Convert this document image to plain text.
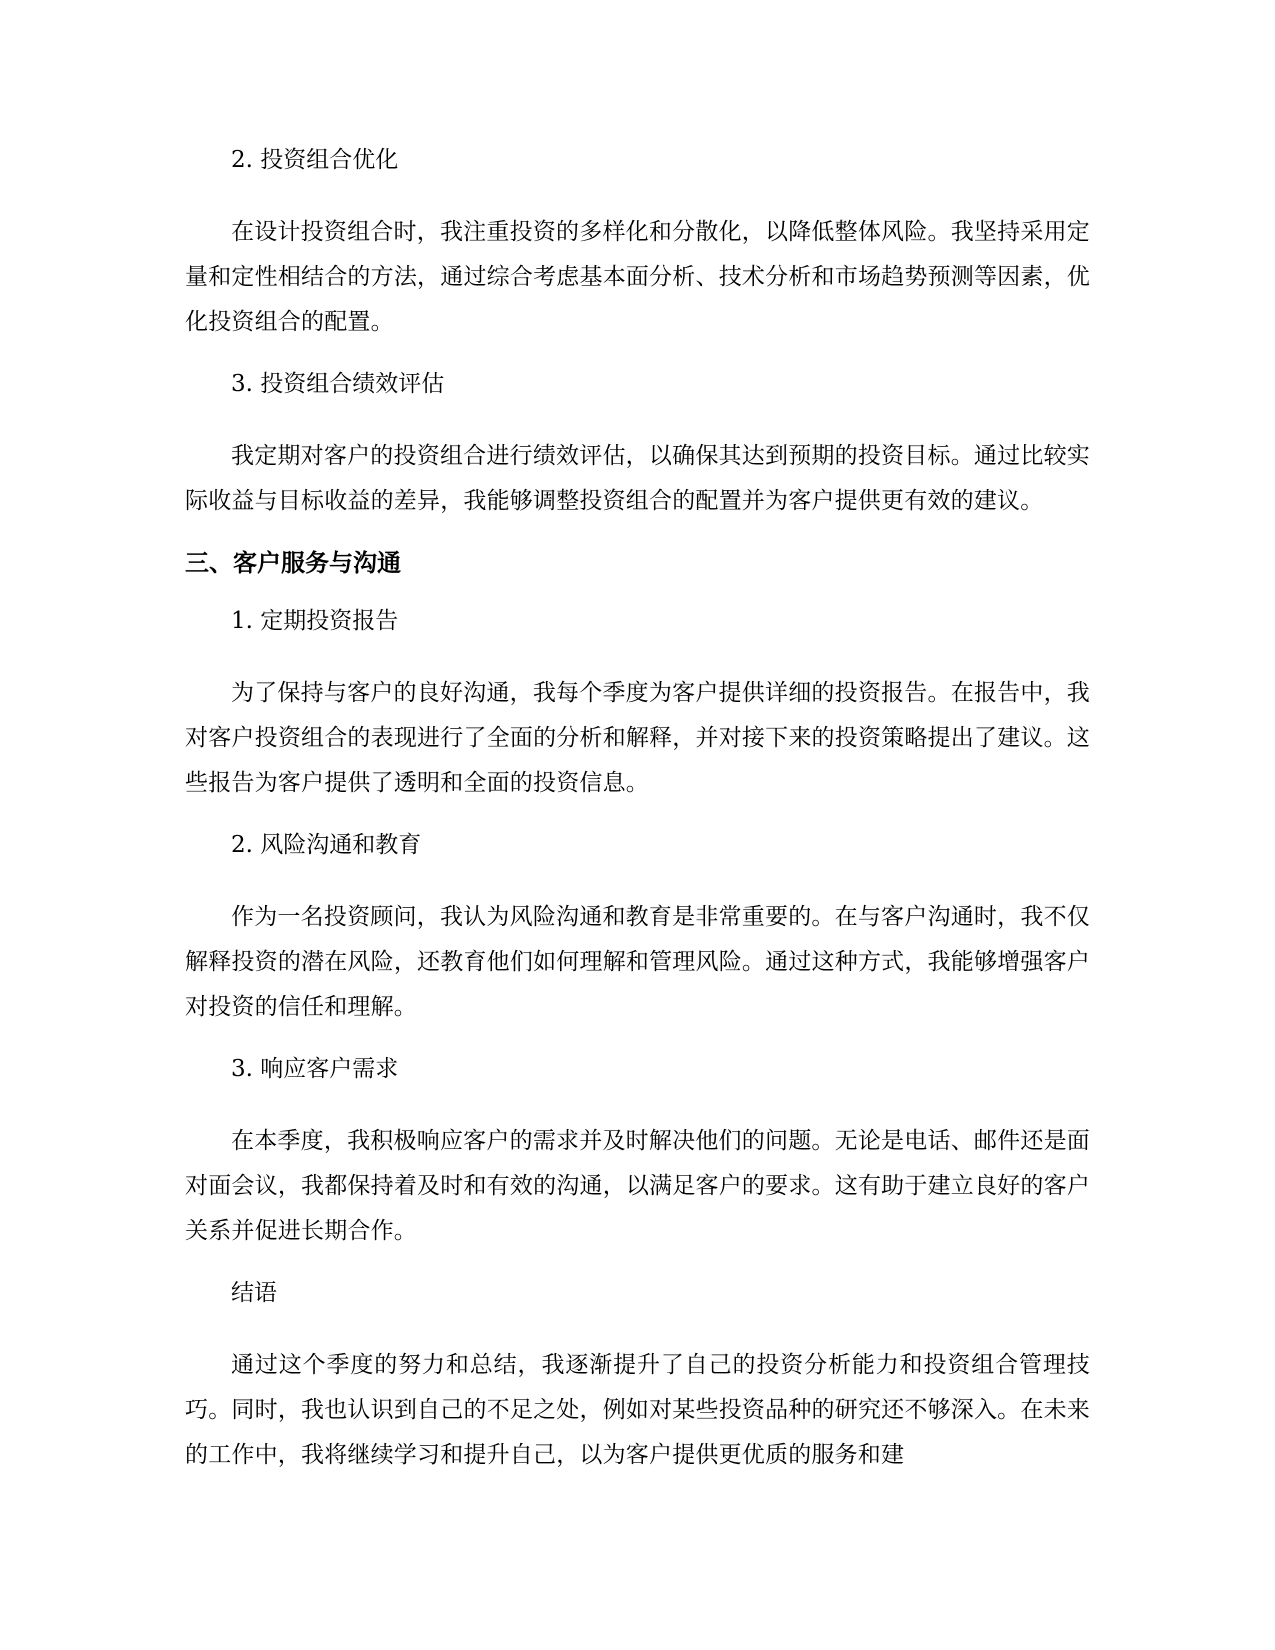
2. 投资组合优化
在设计投资组合时，我注重投资的多样化和分散化，以降低整体风险。我坚持采用定量和定性相结合的方法，通过综合考虑基本面分析、技术分析和市场趋势预测等因素，优化投资组合的配置。
3. 投资组合绩效评估
我定期对客户的投资组合进行绩效评估，以确保其达到预期的投资目标。通过比较实际收益与目标收益的差异，我能够调整投资组合的配置并为客户提供更有效的建议。
三、客户服务与沟通
1. 定期投资报告
为了保持与客户的良好沟通，我每个季度为客户提供详细的投资报告。在报告中，我对客户投资组合的表现进行了全面的分析和解释，并对接下来的投资策略提出了建议。这些报告为客户提供了透明和全面的投资信息。
2. 风险沟通和教育
作为一名投资顾问，我认为风险沟通和教育是非常重要的。在与客户沟通时，我不仅解释投资的潜在风险，还教育他们如何理解和管理风险。通过这种方式，我能够增强客户对投资的信任和理解。
3. 响应客户需求
在本季度，我积极响应客户的需求并及时解决他们的问题。无论是电话、邮件还是面对面会议，我都保持着及时和有效的沟通，以满足客户的要求。这有助于建立良好的客户关系并促进长期合作。
结语
通过这个季度的努力和总结，我逐渐提升了自己的投资分析能力和投资组合管理技巧。同时，我也认识到自己的不足之处，例如对某些投资品种的研究还不够深入。在未来的工作中，我将继续学习和提升自己，以为客户提供更优质的服务和建
